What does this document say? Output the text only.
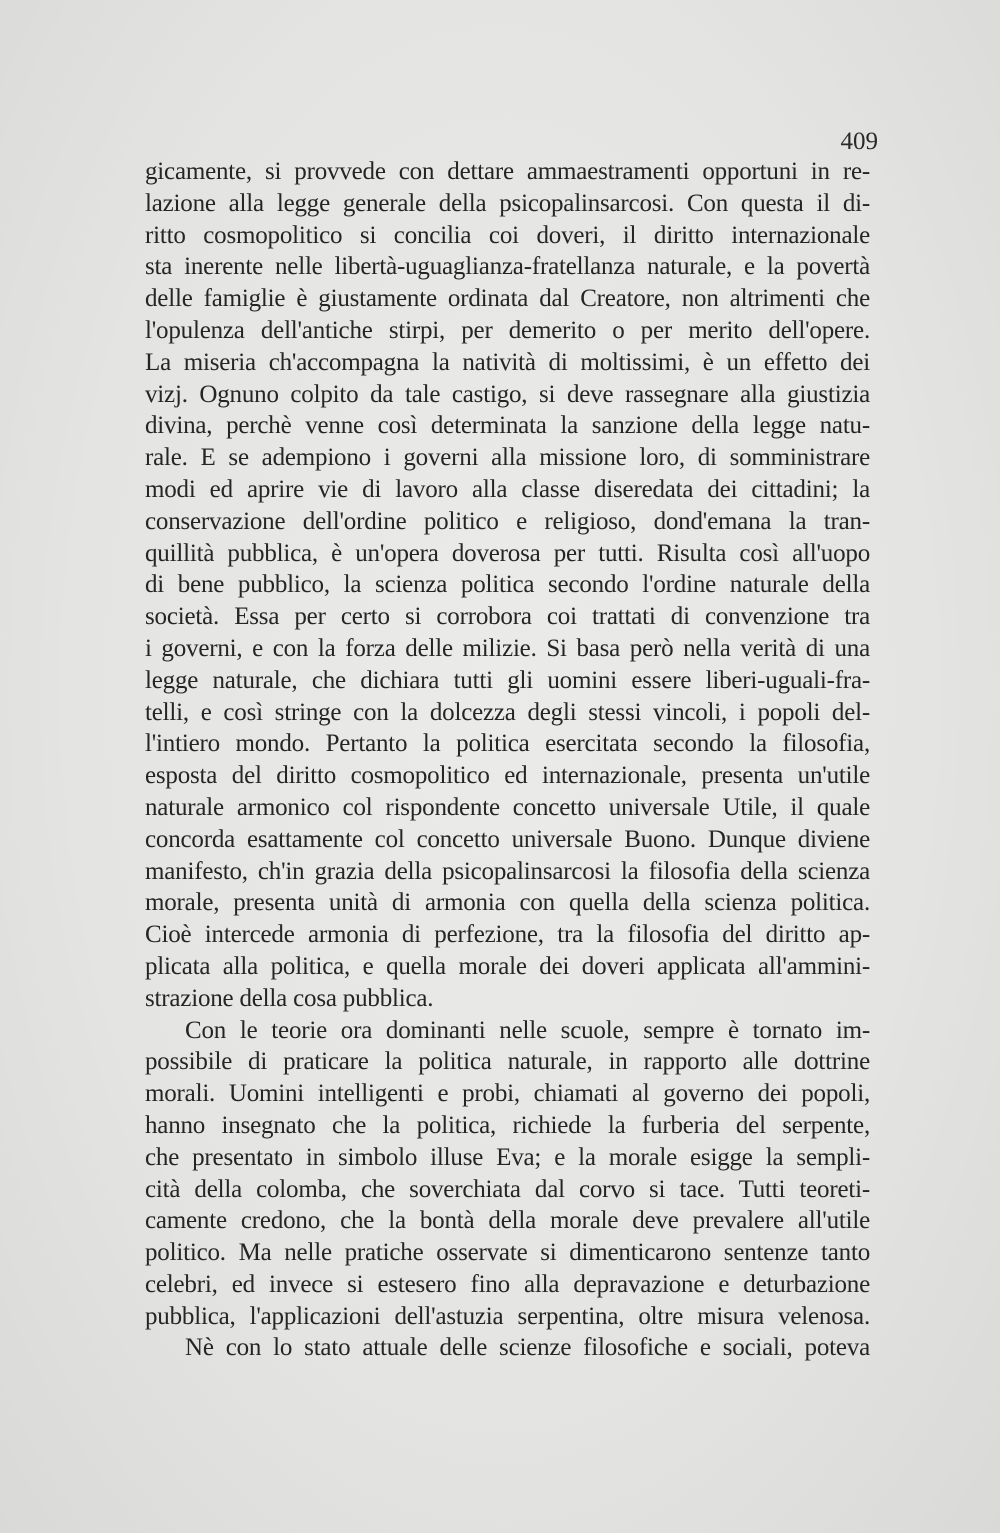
409
gicamente, si provvede con dettare ammaestramenti opportuni in re-
lazione alla legge generale della psicopalinsarcosi. Con questa il di-
ritto cosmopolitico si concilia coi doveri, il diritto internazionale
sta inerente nelle libertà-uguaglianza-fratellanza naturale, e la povertà
delle famiglie è giustamente ordinata dal Creatore, non altrimenti che
l'opulenza dell'antiche stirpi, per demerito o per merito dell'opere.
La miseria ch'accompagna la natività di moltissimi, è un effetto dei
vizj. Ognuno colpito da tale castigo, si deve rassegnare alla giustizia
divina, perchè venne così determinata la sanzione della legge natu-
rale. E se adempiono i governi alla missione loro, di somministrare
modi ed aprire vie di lavoro alla classe diseredata dei cittadini; la
conservazione dell'ordine politico e religioso, dond'emana la tran-
quillità pubblica, è un'opera doverosa per tutti. Risulta così all'uopo
di bene pubblico, la scienza politica secondo l'ordine naturale della
società. Essa per certo si corrobora coi trattati di convenzione tra
i governi, e con la forza delle milizie. Si basa però nella verità di una
legge naturale, che dichiara tutti gli uomini essere liberi-uguali-fra-
telli, e così stringe con la dolcezza degli stessi vincoli, i popoli del-
l'intiero mondo. Pertanto la politica esercitata secondo la filosofia,
esposta del diritto cosmopolitico ed internazionale, presenta un'utile
naturale armonico col rispondente concetto universale Utile, il quale
concorda esattamente col concetto universale Buono. Dunque diviene
manifesto, ch'in grazia della psicopalinsarcosi la filosofia della scienza
morale, presenta unità di armonia con quella della scienza politica.
Cioè intercede armonia di perfezione, tra la filosofia del diritto ap-
plicata alla politica, e quella morale dei doveri applicata all'ammini-
strazione della cosa pubblica.
Con le teorie ora dominanti nelle scuole, sempre è tornato im-
possibile di praticare la politica naturale, in rapporto alle dottrine
morali. Uomini intelligenti e probi, chiamati al governo dei popoli,
hanno insegnato che la politica, richiede la furberia del serpente,
che presentato in simbolo illuse Eva; e la morale esigge la sempli-
cità della colomba, che soverchiata dal corvo si tace. Tutti teoreti-
camente credono, che la bontà della morale deve prevalere all'utile
politico. Ma nelle pratiche osservate si dimenticarono sentenze tanto
celebri, ed invece si estesero fino alla depravazione e deturbazione
pubblica, l'applicazioni dell'astuzia serpentina, oltre misura velenosa.
Nè con lo stato attuale delle scienze filosofiche e sociali, poteva
